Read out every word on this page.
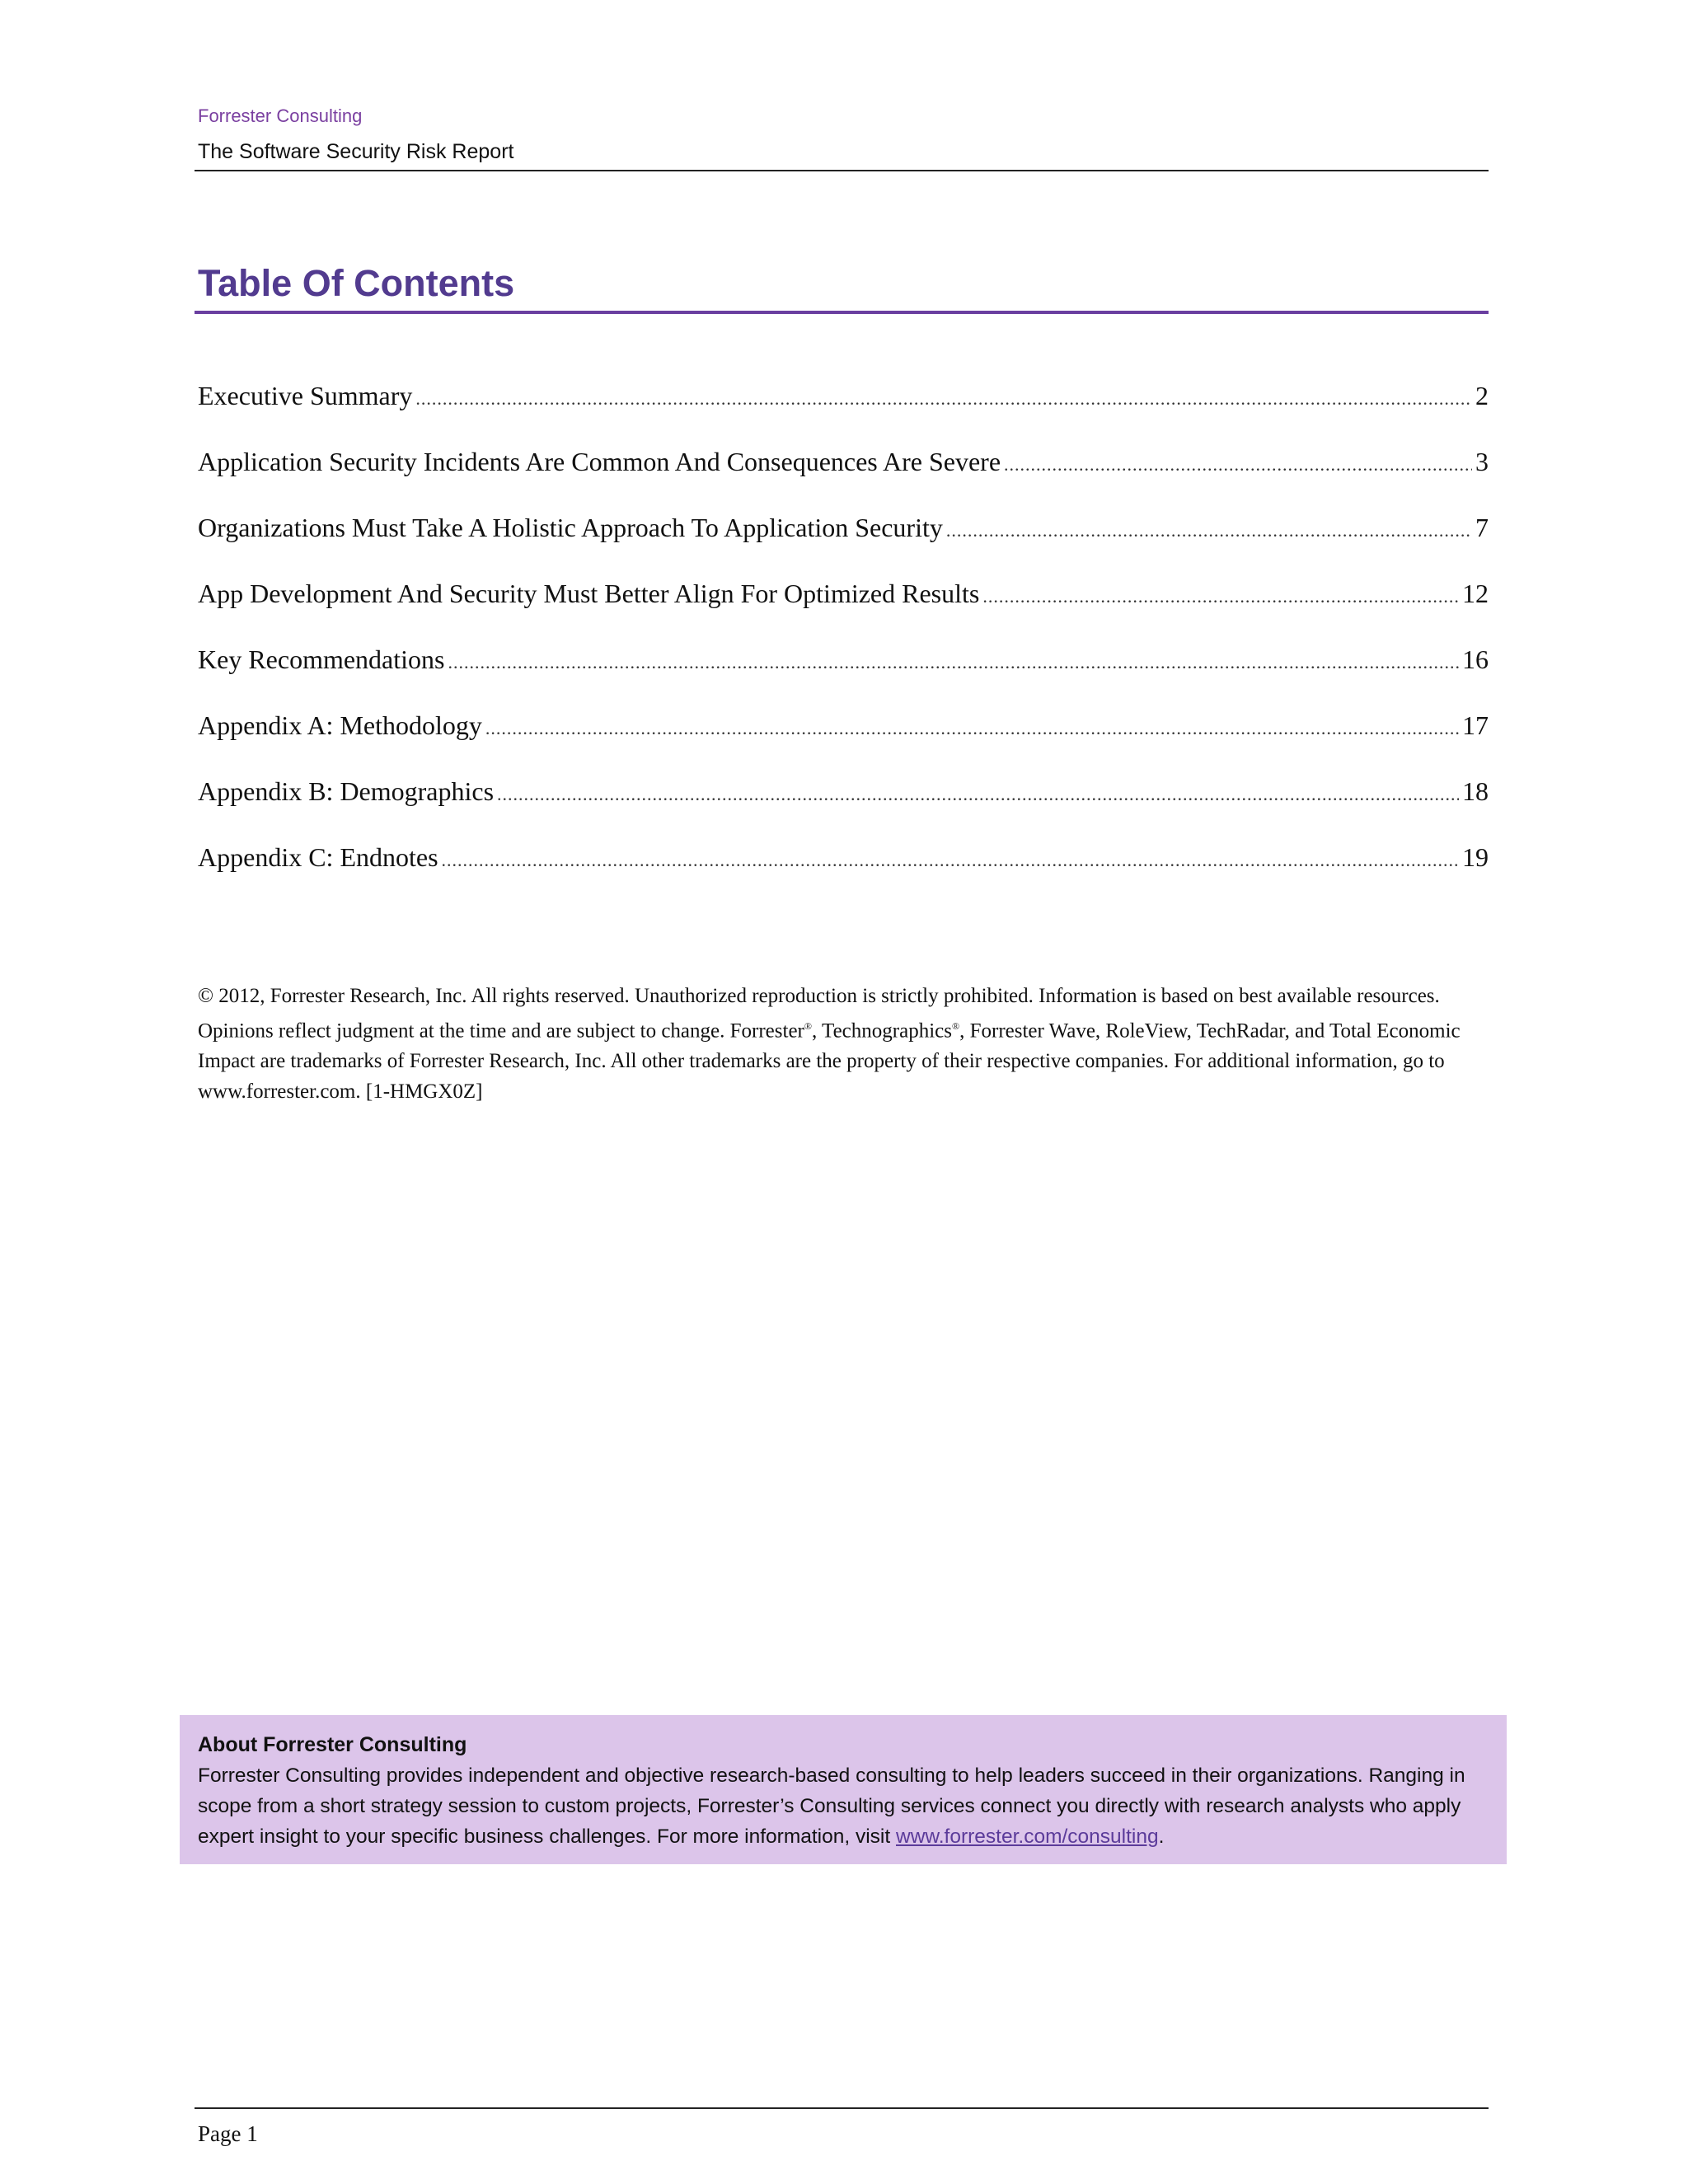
Forrester Consulting
The Software Security Risk Report
Table Of Contents
Executive Summary .....	2
Application Security Incidents Are Common And Consequences Are Severe .....	3
Organizations Must Take A Holistic Approach To Application Security .....	7
App Development And Security Must Better Align For Optimized Results .....	12
Key Recommendations .....	16
Appendix A: Methodology .....	17
Appendix B: Demographics .....	18
Appendix C: Endnotes .....	19

© 2012, Forrester Research, Inc. All rights reserved. Unauthorized reproduction is strictly prohibited. Information is based on best available resources. Opinions reflect judgment at the time and are subject to change. Forrester®, Technographics®, Forrester Wave, RoleView, TechRadar, and Total Economic Impact are trademarks of Forrester Research, Inc. All other trademarks are the property of their respective companies. For additional information, go to www.forrester.com. [1-HMGX0Z]

About Forrester Consulting

Forrester Consulting provides independent and objective research-based consulting to help leaders succeed in their organizations. Ranging in scope from a short strategy session to custom projects, Forrester’s Consulting services connect you directly with research analysts who apply expert insight to your specific business challenges. For more information, visit www.forrester.com/consulting.

Page 1
